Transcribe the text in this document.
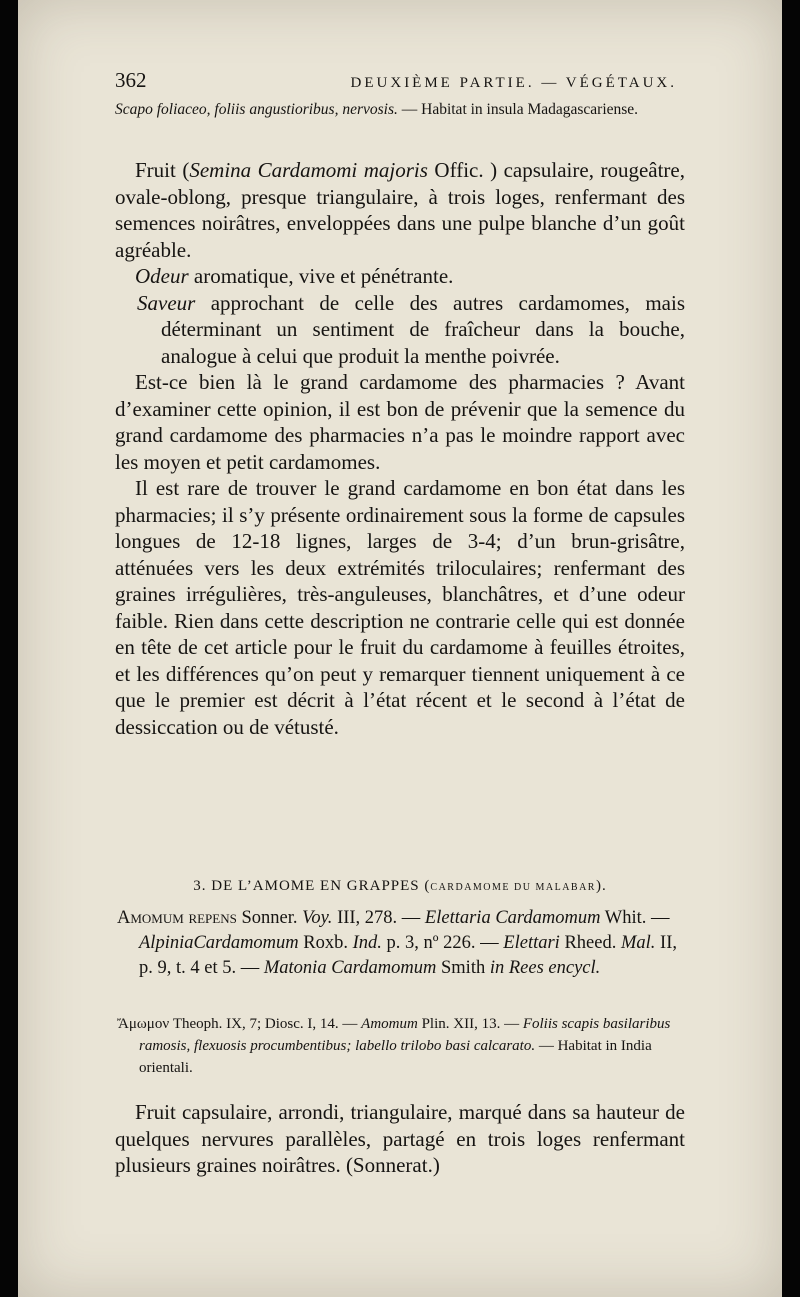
362	DEUXIÈME PARTIE. — VÉGÉTAUX.
Scapo foliaceo, foliis angustioribus, nervosis. — Habitat in insula Madagascariense.

Fruit (Semina Cardamomi majoris Offic. ) capsulaire, rougeâtre, ovale-oblong, presque triangulaire, à trois loges, renfermant des semences noirâtres, enveloppées dans une pulpe blanche d’un goût agréable.

Odeur aromatique, vive et pénétrante.

Saveur approchant de celle des autres cardamomes, mais déterminant un sentiment de fraîcheur dans la bouche, analogue à celui que produit la menthe poivrée.

Est-ce bien là le grand cardamome des pharmacies ? Avant d’examiner cette opinion, il est bon de prévenir que la semence du grand cardamome des pharmacies n’a pas le moindre rapport avec les moyen et petit cardamomes.

Il est rare de trouver le grand cardamome en bon état dans les pharmacies; il s’y présente ordinairement sous la forme de capsules longues de 12-18 lignes, larges de 3-4; d’un brun-grisâtre, atténuées vers les deux extrémités triloculaires; renfermant des graines irrégulières, très-anguleuses, blanchâtres, et d’une odeur faible. Rien dans cette description ne contrarie celle qui est donnée en tête de cet article pour le fruit du cardamome à feuilles étroites, et les différences qu’on peut y remarquer tiennent uniquement à ce que le premier est décrit à l’état récent et le second à l’état de dessiccation ou de vétusté.

3. DE L’AMOME EN GRAPPES (CARDAMOME DU MALABAR).

Amomum repens Sonner. Voy. III, 278. — Elettaria Cardamomum Whit. — AlpiniaCardamomum Roxb. Ind. p. 3, nº 226. — Elettari Rheed. Mal. II, p. 9, t. 4 et 5. — Matonia Cardamomum Smith in Rees encycl.

Ἄμωμον Theoph. IX, 7; Diosc. I, 14. — Amomum Plin. XII, 13. — Foliis scapis basilaribus ramosis, flexuosis procumbentibus; labello trilobo basi calcarato. — Habitat in India orientali.

Fruit capsulaire, arrondi, triangulaire, marqué dans sa hauteur de quelques nervures parallèles, partagé en trois loges renfermant plusieurs graines noirâtres. (Sonnerat.)
